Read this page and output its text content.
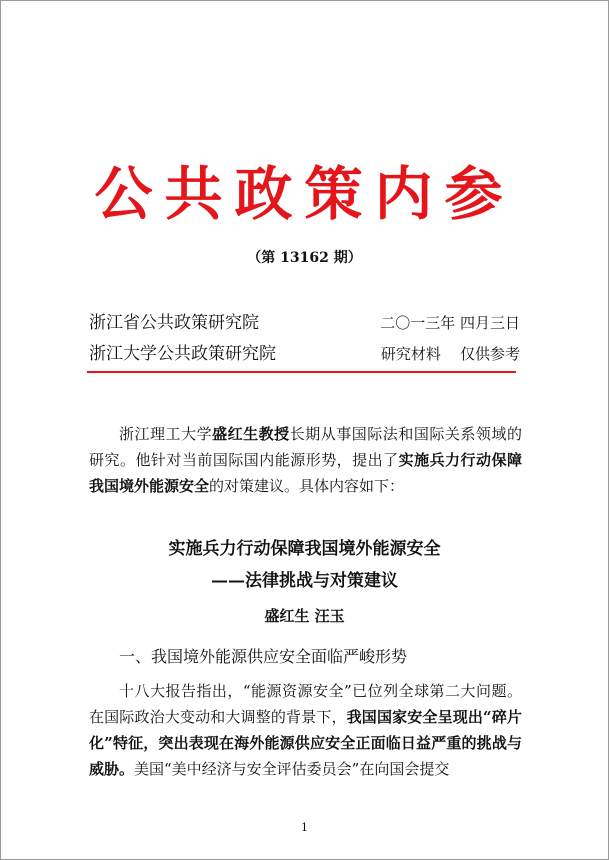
公共政策内参
（第 13162 期）
浙江省公共政策研究院	二〇一三年 四月三日
浙江大学公共政策研究院	研究材料    仅供参考
浙江理工大学盛红生教授长期从事国际法和国际关系领域的研究。他针对当前国际国内能源形势，提出了实施兵力行动保障我国境外能源安全的对策建议。具体内容如下：
实施兵力行动保障我国境外能源安全
——法律挑战与对策建议
盛红生 汪玉
一、我国境外能源供应安全面临严峻形势
十八大报告指出，“能源资源安全”已位列全球第二大问题。在国际政治大变动和大调整的背景下，我国国家安全呈现出“碎片化”特征，突出表现在海外能源供应安全正面临日益严重的挑战与威胁。美国“美中经济与安全评估委员会”在向国会提交
1
